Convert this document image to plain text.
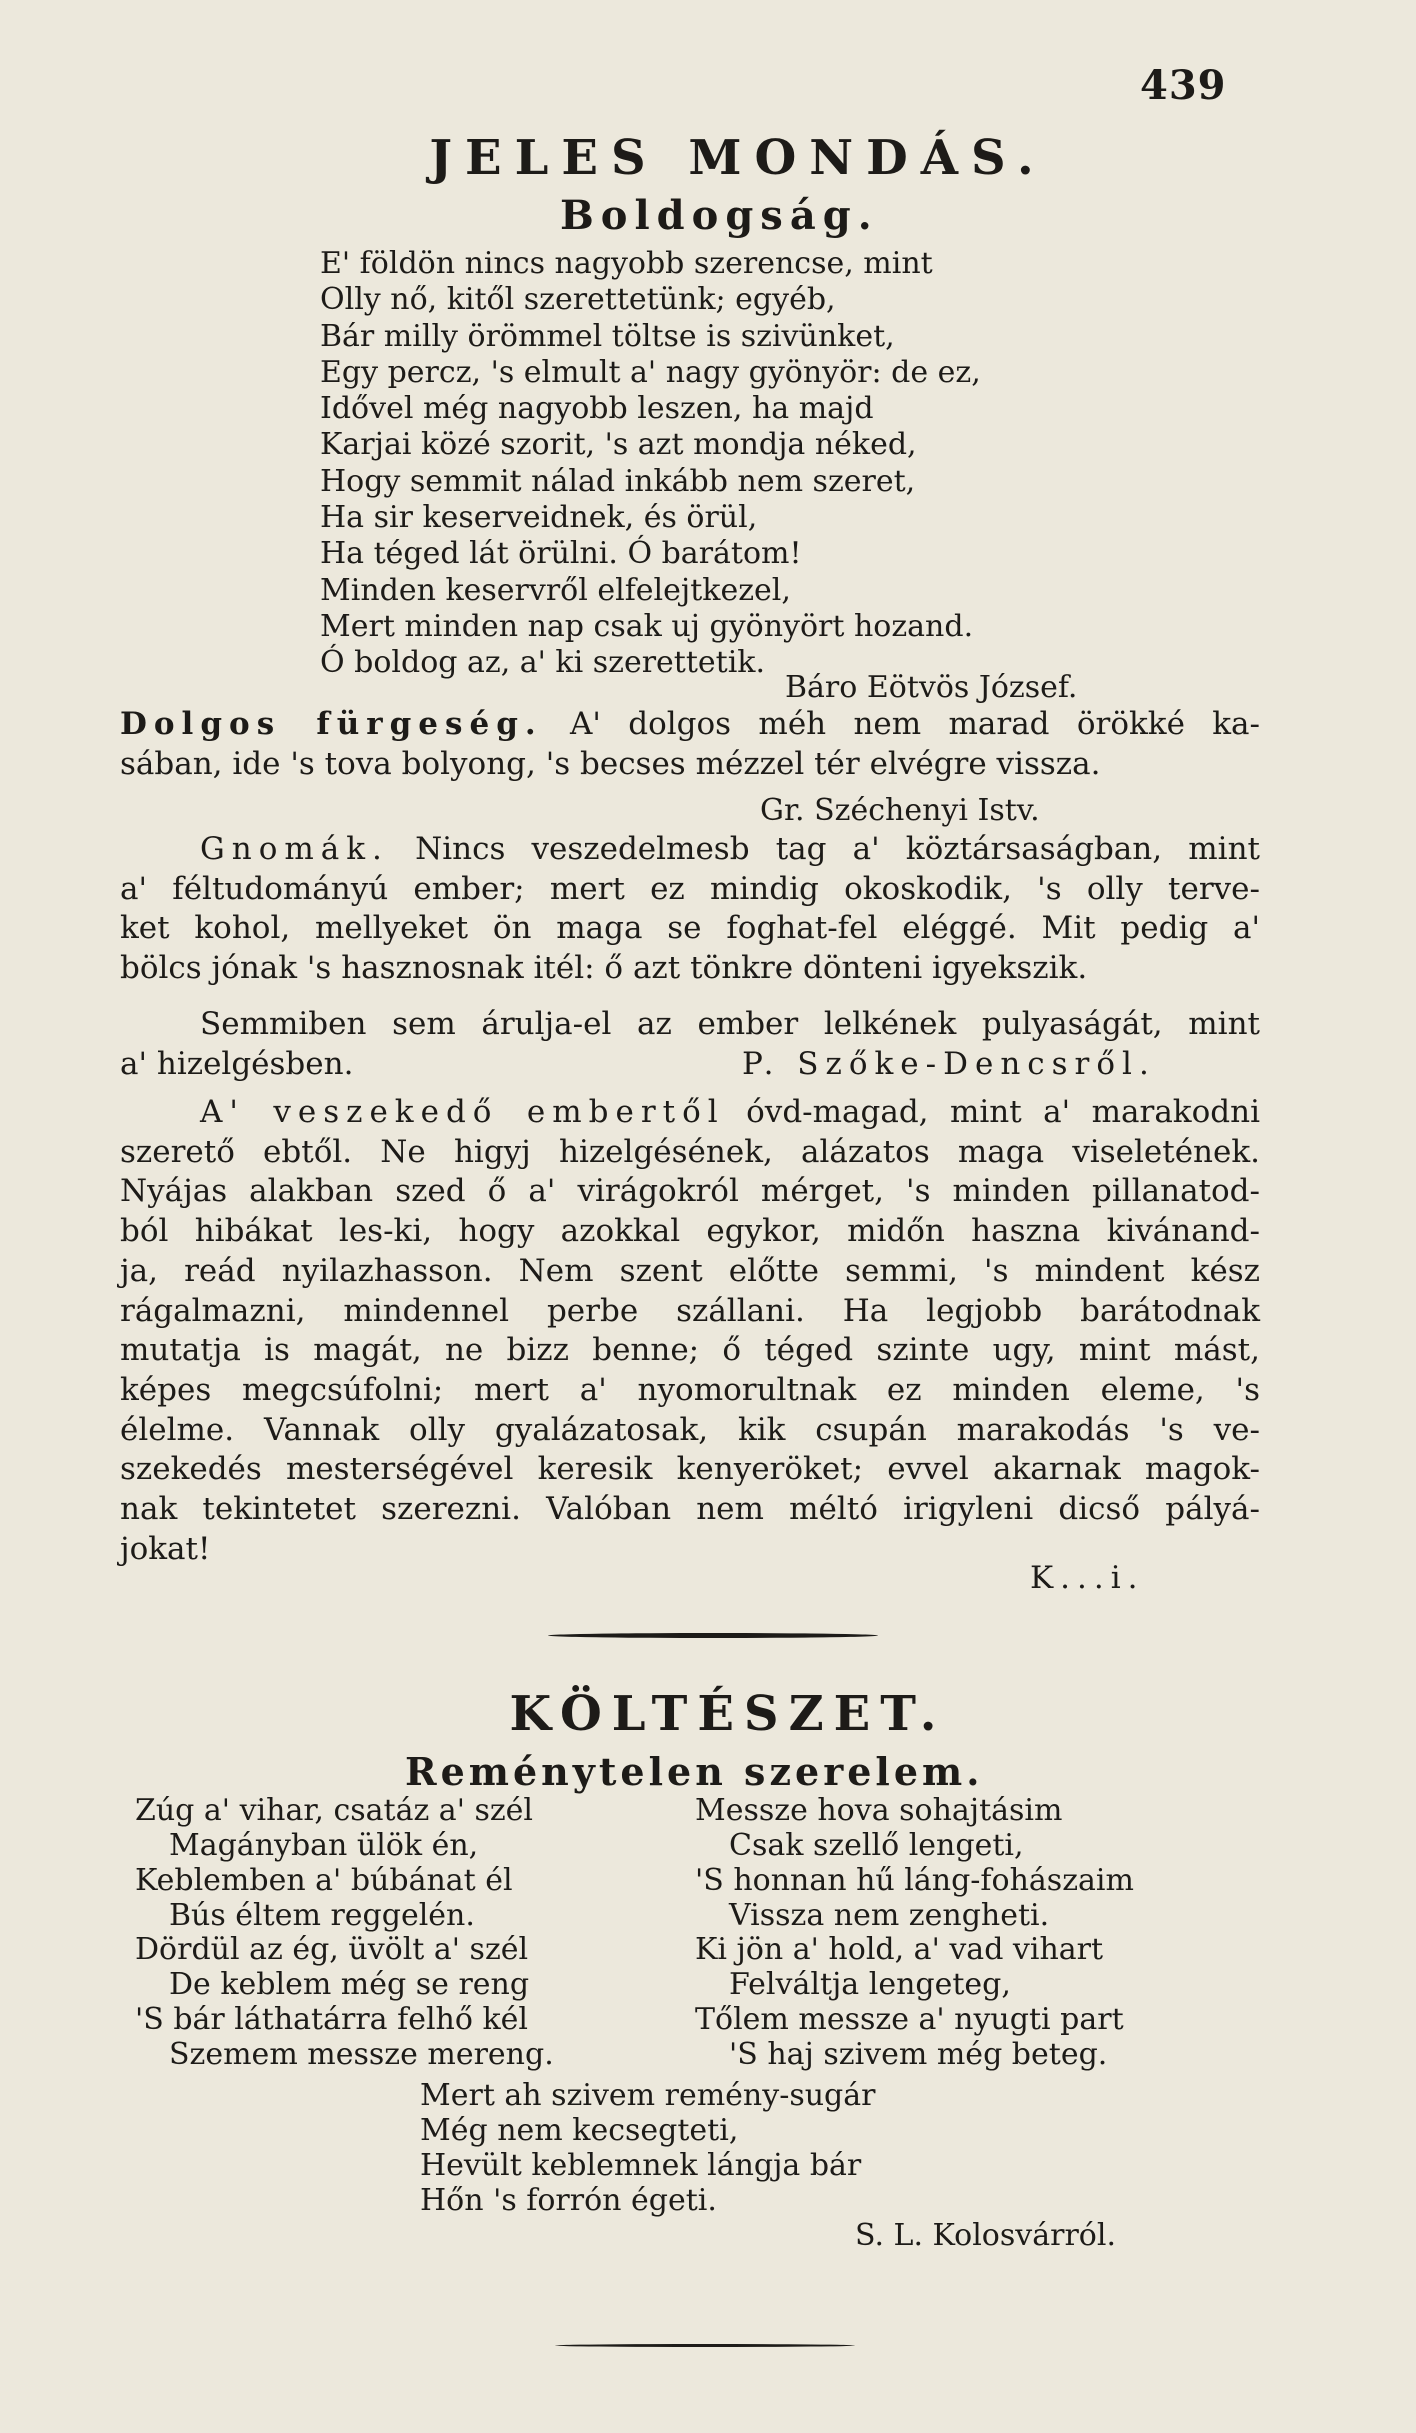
439
JELES MONDÁS.
Boldogság.
E' földön nincs nagyobb szerencse, mint
Olly nő, kitől szerettetünk; egyéb,
Bár milly örömmel töltse is szivünket,
Egy percz, 's elmult a' nagy gyönyör: de ez,
Idővel még nagyobb leszen, ha majd
Karjai közé szorit, 's azt mondja néked,
Hogy semmit nálad inkább nem szeret,
Ha sir keserveidnek, és örül,
Ha téged lát örülni. Ó barátom!
Minden keservről elfelejtkezel,
Mert minden nap csak uj gyönyört hozand.
Ó boldog az, a' ki szerettetik.
Báro Eötvös József.
Dolgos fürgeség. A' dolgos méh nem marad örökké ka-
sában, ide 's tova bolyong, 's becses mézzel tér elvégre vissza.
Gr. Széchenyi Istv.
Gnomák. Nincs veszedelmesb tag a' köztársaságban, mint
a' féltudományú ember; mert ez mindig okoskodik, 's olly terve-
ket kohol, mellyeket ön maga se foghat-fel eléggé. Mit pedig a'
bölcs jónak 's hasznosnak itél: ő azt tönkre dönteni igyekszik.
Semmiben sem árulja-el az ember lelkének pulyaságát, mint
a' hizelgésben.	P. Szőke-Dencsről.
A' veszekedő embertől óvd-magad, mint a' marakodni
szerető ebtől. Ne higyj hizelgésének, alázatos maga viseletének.
Nyájas alakban szed ő a' virágokról mérget, 's minden pillanatod-
ból hibákat les-ki, hogy azokkal egykor, midőn haszna kivánand-
ja, reád nyilazhasson. Nem szent előtte semmi, 's mindent kész
rágalmazni, mindennel perbe szállani. Ha legjobb barátodnak
mutatja is magát, ne bizz benne; ő téged szinte ugy, mint mást,
képes megcsúfolni; mert a' nyomorultnak ez minden eleme, 's
élelme. Vannak olly gyalázatosak, kik csupán marakodás 's ve-
szekedés mesterségével keresik kenyeröket; evvel akarnak magok-
nak tekintetet szerezni. Valóban nem méltó irigyleni dicső pályá-
jokat!
K...i.
KÖLTÉSZET.
Reménytelen szerelem.
Zúg a' vihar, csatáz a' szél
Magányban ülök én,
Keblemben a' búbánat él
Bús éltem reggelén.
Messze hova sohajtásim
Csak szellő lengeti,
'S honnan hű láng-fohászaim
Vissza nem zengheti.
Dördül az ég, üvölt a' szél
De keblem még se reng
'S bár láthatárra felhő kél
Szemem messze mereng.
Ki jön a' hold, a' vad vihart
Felváltja lengeteg,
Tőlem messze a' nyugti part
'S haj szivem még beteg.
Mert ah szivem remény-sugár
Még nem kecsegteti,
Hevült keblemnek lángja bár
Hőn 's forrón égeti.
S. L. Kolosvárról.
